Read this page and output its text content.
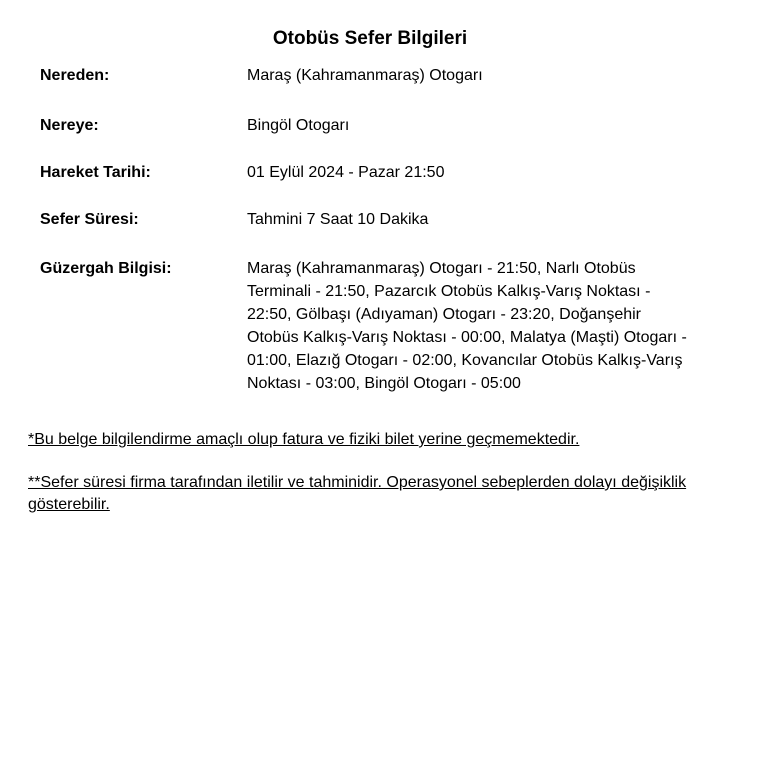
Otobüs Sefer Bilgileri
Nereden:	Maraş (Kahramanmaraş) Otogarı
Nereye:	Bingöl Otogarı
Hareket Tarihi:	01 Eylül 2024 - Pazar 21:50
Sefer Süresi:	Tahmini 7 Saat 10 Dakika
Güzergah Bilgisi:	Maraş (Kahramanmaraş) Otogarı - 21:50, Narlı Otobüs Terminali - 21:50, Pazarcık Otobüs Kalkış-Varış Noktası - 22:50, Gölbaşı (Adıyaman) Otogarı - 23:20, Doğanşehir Otobüs Kalkış-Varış Noktası - 00:00, Malatya (Maşti) Otogarı - 01:00, Elazığ Otogarı - 02:00, Kovancılar Otobüs Kalkış-Varış Noktası - 03:00, Bingöl Otogarı - 05:00
*Bu belge bilgilendirme amaçlı olup fatura ve fiziki bilet yerine geçmemektedir.
**Sefer süresi firma tarafından iletilir ve tahminidir. Operasyonel sebeplerden dolayı değişiklik gösterebilir.
